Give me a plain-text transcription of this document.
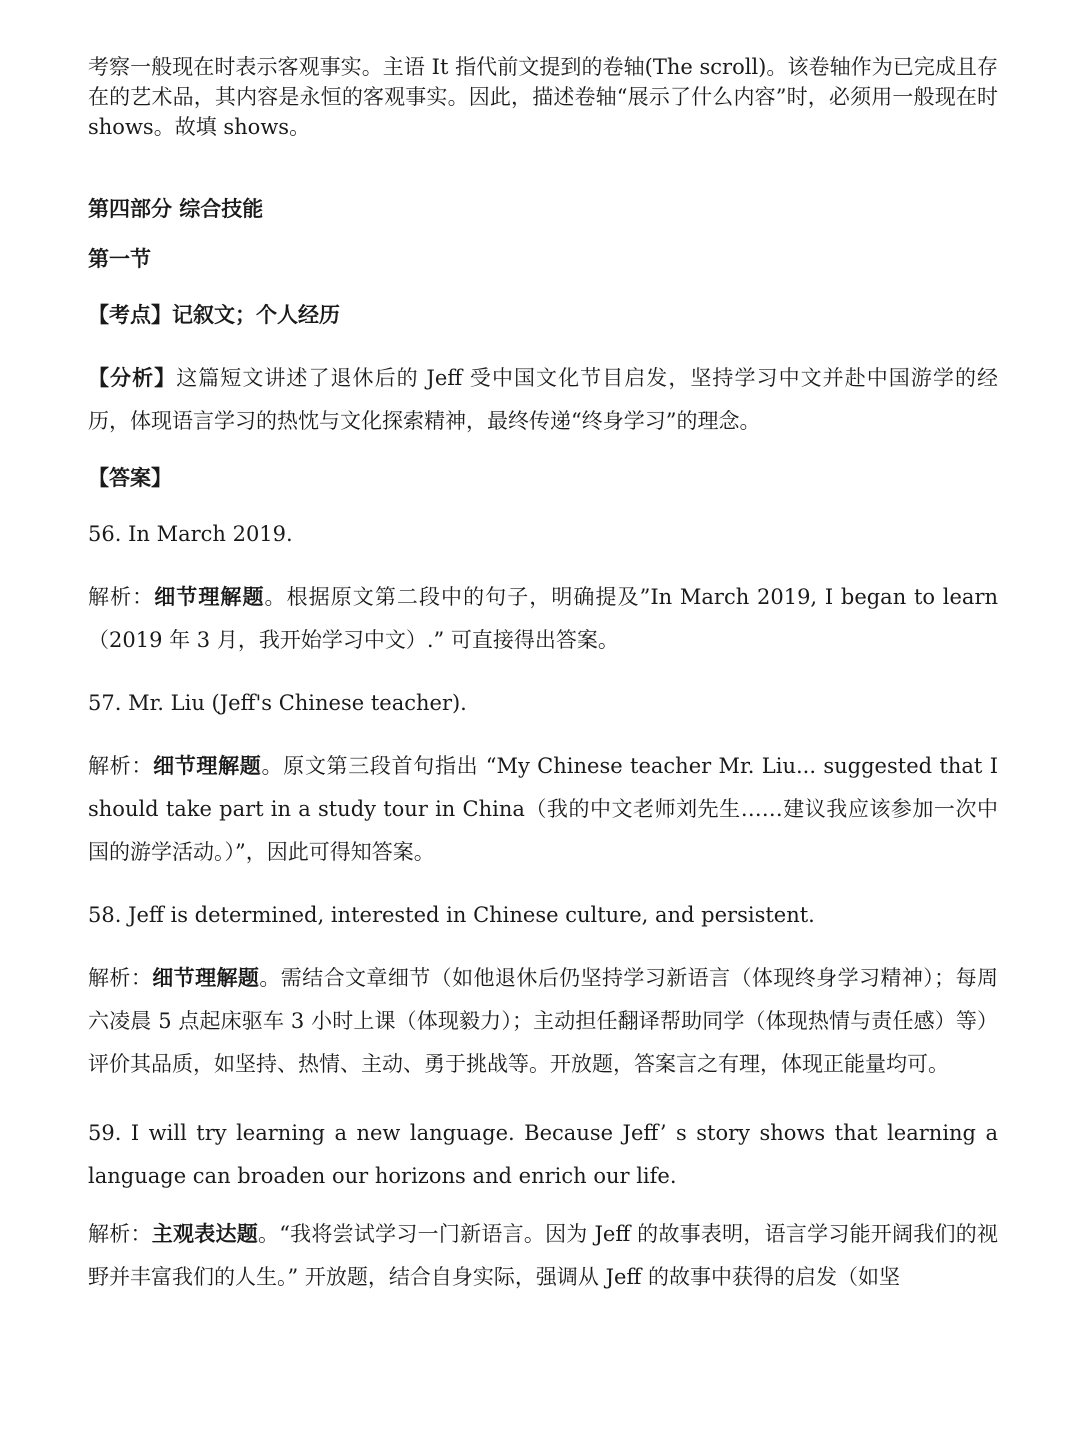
考察一般现在时表示客观事实。主语 It 指代前文提到的卷轴(The scroll)。该卷轴作为已完成且存在的艺术品，其内容是永恒的客观事实。因此，描述卷轴“展示了什么内容”时，必须用一般现在时 shows。故填 shows。

第四部分 综合技能

第一节

【考点】记叙文；个人经历

【分析】这篇短文讲述了退休后的 Jeff 受中国文化节目启发，坚持学习中文并赴中国游学的经历，体现语言学习的热忱与文化探索精神，最终传递“终身学习”的理念。

【答案】

56. In March 2019.

解析：细节理解题。根据原文第二段中的句子，明确提及”In March 2019, I began to learn（2019 年 3 月，我开始学习中文）.” 可直接得出答案。

57. Mr. Liu (Jeff's Chinese teacher).

解析：细节理解题。原文第三段首句指出 “My Chinese teacher Mr. Liu... suggested that I should take part in a study tour in China（我的中文老师刘先生……建议我应该参加一次中国的游学活动。）”，因此可得知答案。

58. Jeff is determined, interested in Chinese culture, and persistent.

解析：细节理解题。需结合文章细节（如他退休后仍坚持学习新语言（体现终身学习精神）；每周六凌晨 5 点起床驱车 3 小时上课（体现毅力）；主动担任翻译帮助同学（体现热情与责任感）等）评价其品质，如坚持、热情、主动、勇于挑战等。开放题，答案言之有理，体现正能量均可。

59. I will try learning a new language. Because Jeff’ s story shows that learning a language can broaden our horizons and enrich our life.

解析：主观表达题。“我将尝试学习一门新语言。因为 Jeff 的故事表明，语言学习能开阔我们的视野并丰富我们的人生。” 开放题，结合自身实际，强调从 Jeff 的故事中获得的启发（如坚
